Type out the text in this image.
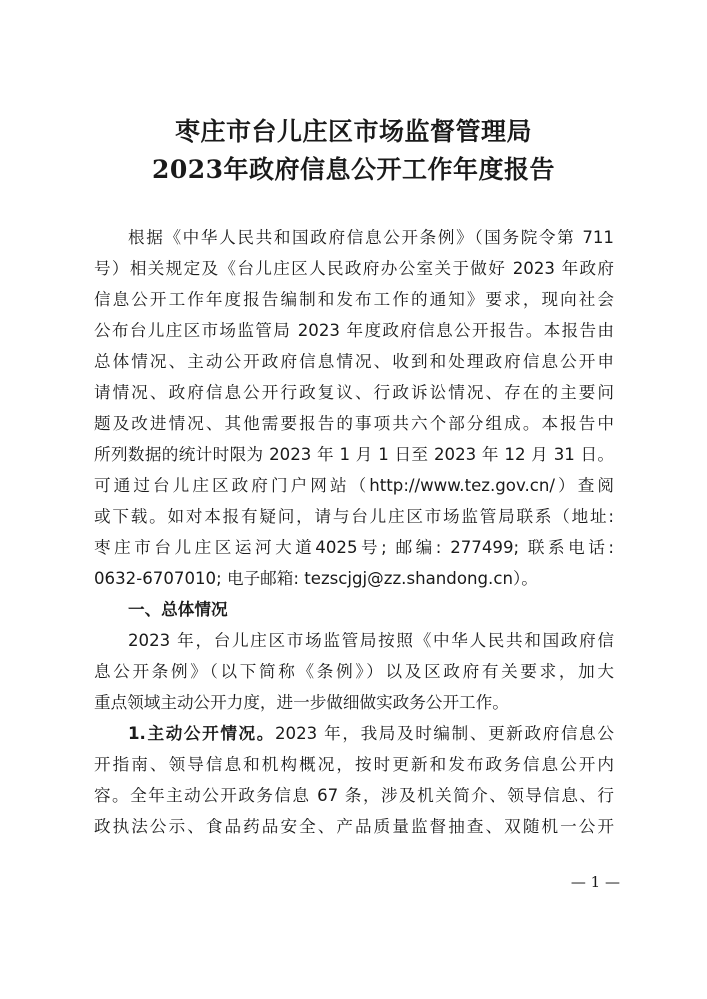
枣庄市台儿庄区市场监督管理局
2023年政府信息公开工作年度报告
根据《中华人民共和国政府信息公开条例》（国务院令第 711
号）相关规定及《台儿庄区人民政府办公室关于做好 2023 年政府
信息公开工作年度报告编制和发布工作的通知》要求，现向社会
公布台儿庄区市场监管局 2023 年度政府信息公开报告。本报告由
总体情况、主动公开政府信息情况、收到和处理政府信息公开申
请情况、政府信息公开行政复议、行政诉讼情况、存在的主要问
题及改进情况、其他需要报告的事项共六个部分组成。本报告中
所列数据的统计时限为 2023 年 1 月 1 日至 2023 年 12 月 31 日。
可通过台儿庄区政府门户网站（http://www.tez.gov.cn/）查阅
或下载。如对本报有疑问，请与台儿庄区市场监管局联系（地址:
枣庄市台儿庄区运河大道4025号; 邮编: 277499; 联系电话:
0632-6707010; 电子邮箱: tezscjgj@zz.shandong.cn）。
一、总体情况
2023 年，台儿庄区市场监管局按照《中华人民共和国政府信
息公开条例》（以下简称《条例》）以及区政府有关要求，加大
重点领域主动公开力度，进一步做细做实政务公开工作。
1.主动公开情况。2023 年，我局及时编制、更新政府信息公
开指南、领导信息和机构概况，按时更新和发布政务信息公开内
容。全年主动公开政务信息 67 条，涉及机关简介、领导信息、行
政执法公示、食品药品安全、产品质量监督抽查、双随机一公开
— 1 —
